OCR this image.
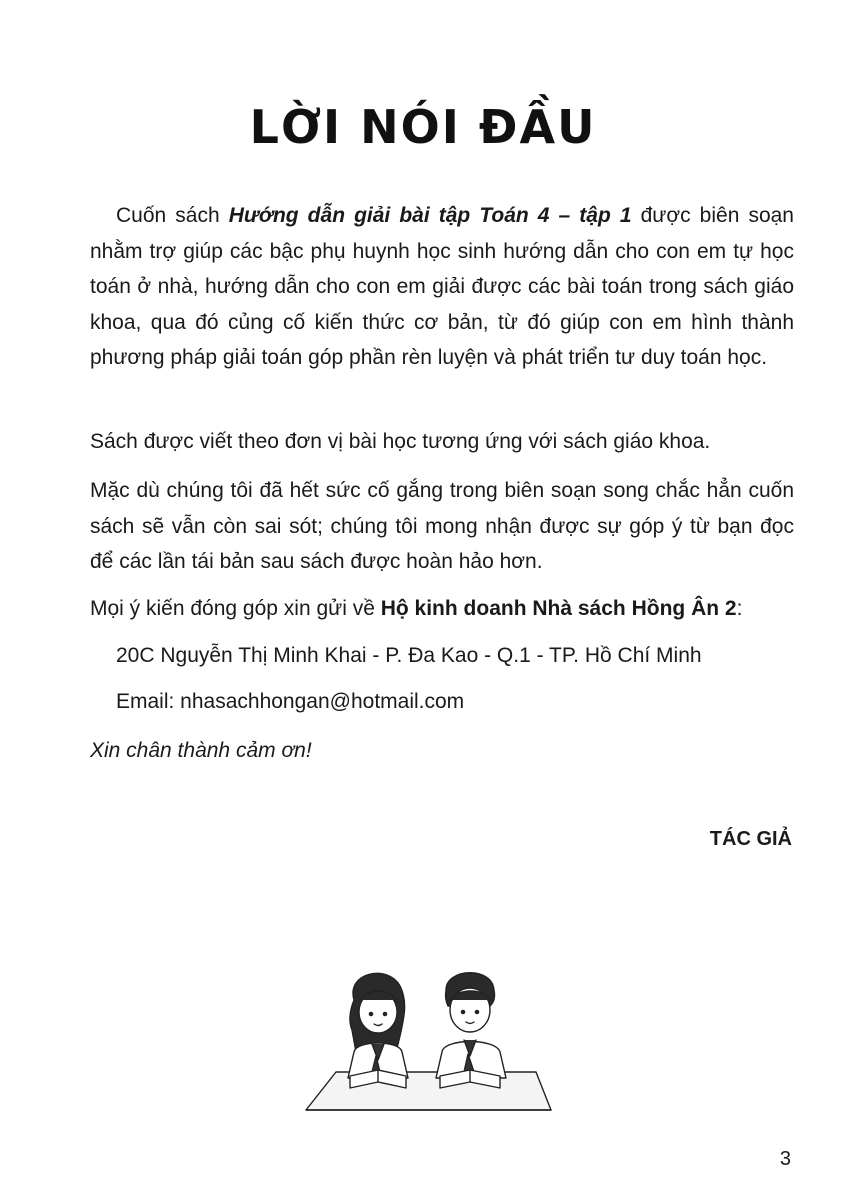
LỜI NÓI ĐẦU

Cuốn sách Hướng dẫn giải bài tập Toán 4 – tập 1 được biên soạn nhằm trợ giúp các bậc phụ huynh học sinh hướng dẫn cho con em tự học toán ở nhà, hướng dẫn cho con em giải được các bài toán trong sách giáo khoa, qua đó củng cố kiến thức cơ bản, từ đó giúp con em hình thành phương pháp giải toán góp phần rèn luyện và phát triển tư duy toán học.

Sách được viết theo đơn vị bài học tương ứng với sách giáo khoa.

Mặc dù chúng tôi đã hết sức cố gắng trong biên soạn song chắc hẳn cuốn sách sẽ vẫn còn sai sót; chúng tôi mong nhận được sự góp ý từ bạn đọc để các lần tái bản sau sách được hoàn hảo hơn.

Mọi ý kiến đóng góp xin gửi về Hộ kinh doanh Nhà sách Hồng Ân 2:

20C Nguyễn Thị Minh Khai - P. Đa Kao - Q.1 - TP. Hồ Chí Minh

Email: nhasachhongan@hotmail.com

Xin chân thành cảm ơn!

TÁC GIẢ

3
